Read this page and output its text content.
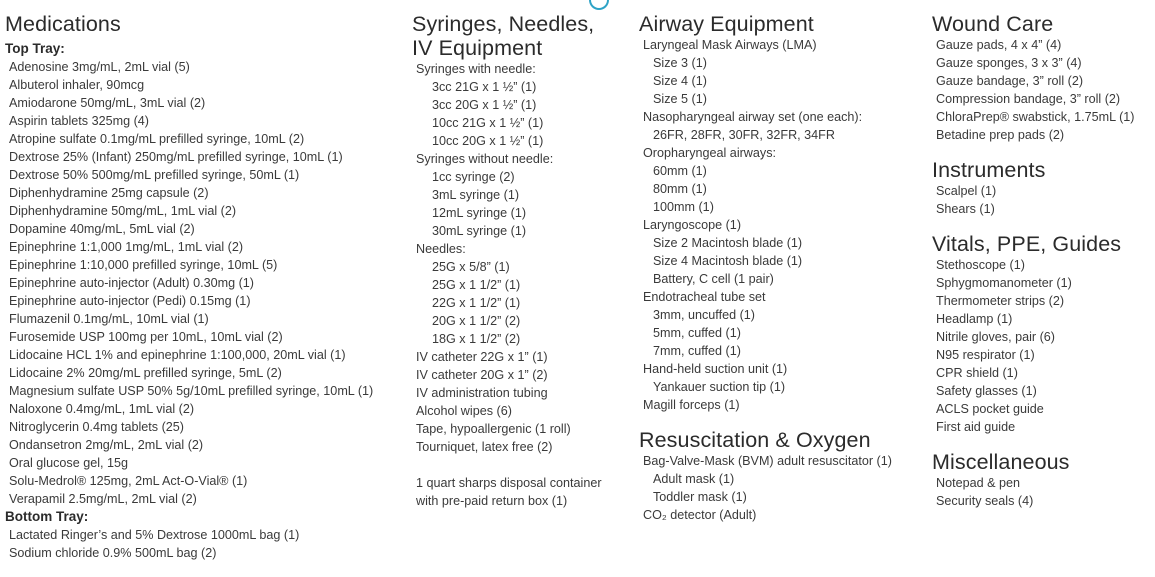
Medications
Top Tray:
Adenosine 3mg/mL, 2mL vial (5)
Albuterol inhaler, 90mcg
Amiodarone 50mg/mL, 3mL vial (2)
Aspirin tablets 325mg (4)
Atropine sulfate 0.1mg/mL prefilled syringe, 10mL (2)
Dextrose 25% (Infant) 250mg/mL prefilled syringe, 10mL (1)
Dextrose 50% 500mg/mL prefilled syringe, 50mL (1)
Diphenhydramine 25mg capsule (2)
Diphenhydramine 50mg/mL, 1mL vial (2)
Dopamine 40mg/mL, 5mL vial (2)
Epinephrine 1:1,000 1mg/mL, 1mL vial (2)
Epinephrine 1:10,000 prefilled syringe, 10mL (5)
Epinephrine auto-injector (Adult) 0.30mg (1)
Epinephrine auto-injector (Pedi) 0.15mg (1)
Flumazenil 0.1mg/mL, 10mL vial (1)
Furosemide USP 100mg per 10mL, 10mL vial (2)
Lidocaine HCL 1% and epinephrine 1:100,000, 20mL vial (1)
Lidocaine 2% 20mg/mL prefilled syringe, 5mL (2)
Magnesium sulfate USP 50% 5g/10mL prefilled syringe, 10mL (1)
Naloxone 0.4mg/mL, 1mL vial (2)
Nitroglycerin 0.4mg tablets (25)
Ondansetron 2mg/mL, 2mL vial (2)
Oral glucose gel, 15g
Solu-Medrol® 125mg, 2mL Act-O-Vial® (1)
Verapamil 2.5mg/mL, 2mL vial (2)
Bottom Tray:
Lactated Ringer’s and 5% Dextrose 1000mL bag (1)
Sodium chloride 0.9% 500mL bag (2)
Syringes, Needles,
IV Equipment
Syringes with needle:
3cc 21G x 1 ½” (1)
3cc 20G x 1 ½” (1)
10cc 21G x 1 ½” (1)
10cc 20G x 1 ½” (1)
Syringes without needle:
1cc syringe (2)
3mL syringe (1)
12mL syringe (1)
30mL syringe (1)
Needles:
25G x 5/8” (1)
25G x 1 1/2” (1)
22G x 1 1/2” (1)
20G x 1 1/2” (2)
18G x 1 1/2” (2)
IV catheter 22G x 1” (1)
IV catheter 20G x 1” (2)
IV administration tubing
Alcohol wipes (6)
Tape, hypoallergenic (1 roll)
Tourniquet, latex free (2)
1 quart sharps disposal container
with pre-paid return box (1)
Airway Equipment
Laryngeal Mask Airways (LMA)
Size 3 (1)
Size 4 (1)
Size 5 (1)
Nasopharyngeal airway set (one each):
26FR, 28FR, 30FR, 32FR, 34FR
Oropharyngeal airways:
60mm (1)
80mm (1)
100mm (1)
Laryngoscope (1)
Size 2 Macintosh blade (1)
Size 4 Macintosh blade (1)
Battery, C cell (1 pair)
Endotracheal tube set
3mm, uncuffed (1)
5mm, cuffed (1)
7mm, cuffed (1)
Hand-held suction unit (1)
Yankauer suction tip (1)
Magill forceps (1)
Resuscitation & Oxygen
Bag-Valve-Mask (BVM) adult resuscitator (1)
Adult mask (1)
Toddler mask (1)
CO₂ detector (Adult)
Wound Care
Gauze pads, 4 x 4” (4)
Gauze sponges, 3 x 3” (4)
Gauze bandage, 3” roll (2)
Compression bandage, 3” roll (2)
ChloraPrep® swabstick, 1.75mL (1)
Betadine prep pads (2)
Instruments
Scalpel (1)
Shears (1)
Vitals, PPE, Guides
Stethoscope (1)
Sphygmomanometer (1)
Thermometer strips (2)
Headlamp (1)
Nitrile gloves, pair (6)
N95 respirator (1)
CPR shield (1)
Safety glasses (1)
ACLS pocket guide
First aid guide
Miscellaneous
Notepad & pen
Security seals (4)
